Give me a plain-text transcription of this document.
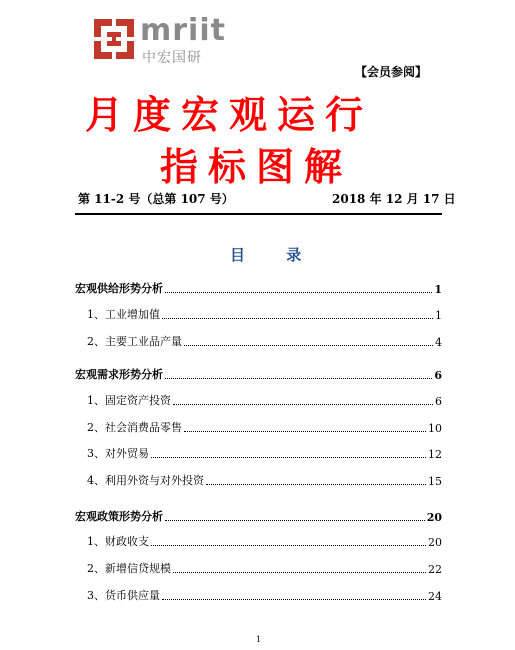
mriit
中宏国研
【会员参阅】
月度宏观运行
指标图解
第 11-2 号（总第 107 号）	2018 年 12 月 17 日
目 录
宏观供给形势分析	1
1、工业增加值	1
2、主要工业品产量	4
宏观需求形势分析	6
1、固定资产投资	6
2、社会消费品零售	10
3、对外贸易	12
4、利用外资与对外投资	15
宏观政策形势分析	20
1、财政收支	20
2、新增信贷规模	22
3、货币供应量	24
1
